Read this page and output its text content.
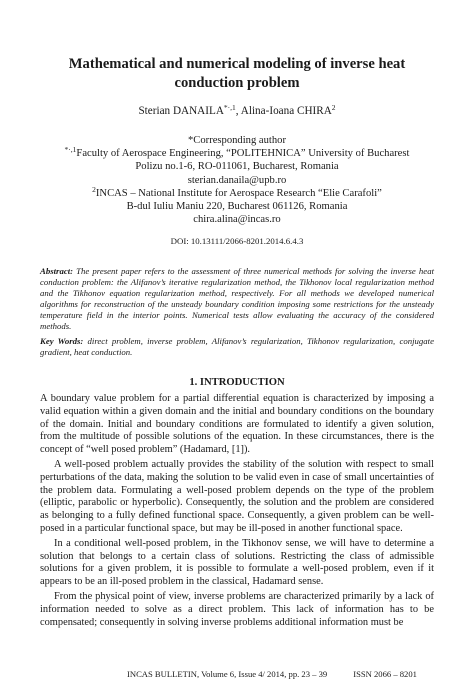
Mathematical and numerical modeling of inverse heat
conduction problem
Sterian $DANAILA^{*\cdot,1}$, Alina-Ioana CHIRA$^2$
*Corresponding author
$^{*\cdot,1}$Faculty of Aerospace Engineering, “POLITEHNICA” University of Bucharest
Polizu no.1-6, RO-011061, Bucharest, Romania
sterian.danaila@upb.ro
$^2$INCAS – National Institute for Aerospace Research “Elie Carafoli”
B-dul Iuliu Maniu 220, Bucharest 061126, Romania
chira.alina@incas.ro
DOI: 10.13111/2066-8201.2014.6.4.3
Abstract: The present paper refers to the assessment of three numerical methods for solving the inverse heat conduction problem: the Alifanov’s iterative regularization method, the Tikhonov local regularization method and the Tikhonov equation regularization method, respectively. For all methods we developed numerical algorithms for reconstruction of the unsteady boundary condition imposing some restrictions for the unsteady temperature field in the interior points. Numerical tests allow evaluating the accuracy of the considered methods.
Key Words: direct problem, inverse problem, Alifanov’s regularization, Tikhonov regularization, conjugate gradient, heat conduction.
1. INTRODUCTION

A boundary value problem for a partial differential equation is characterized by imposing a valid equation within a given domain and the initial and boundary conditions on the boundary of the domain. Initial and boundary conditions are formulated to identify a given solution, from the multitude of possible solutions of the equation. In these circumstances, there is the concept of “well posed problem” (Hadamard, [1]).

A well-posed problem actually provides the stability of the solution with respect to small perturbations of the data, making the solution to be valid even in case of small uncertainties of the problem data. Formulating a well-posed problem depends on the type of the problem (elliptic, parabolic or hyperbolic). Consequently, the solution and the problem are considered as belonging to a fully defined functional space. Consequently, a given problem can be well-posed in a particular functional space, but may be ill-posed in another functional space.

In a conditional well-posed problem, in the Tikhonov sense, we will have to determine a solution that belongs to a certain class of solutions. Restricting the class of admissible solutions for a given problem, it is possible to formulate a well-posed problem, even if it appears to be an ill-posed problem in the classical, Hadamard sense.

From the physical point of view, inverse problems are characterized primarily by a lack of information needed to solve as a direct problem. This lack of information has to be compensated; consequently in solving inverse problems additional information must be

INCAS BULLETIN, Volume 6, Issue 4/ 2014, pp. 23 – 39	ISSN 2066 – 8201
